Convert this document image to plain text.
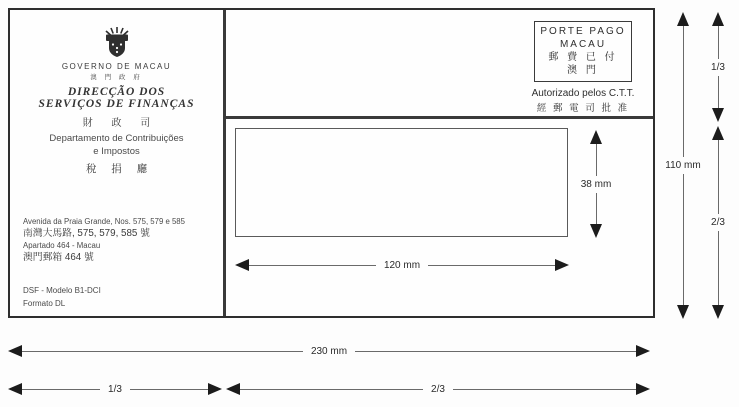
GOVERNO DE MACAU
澳 門 政 府
DIRECÇÃO DOS
SERVIÇOS DE FINANÇAS
財 政 司
Departamento de Contribuições
e Impostos
稅 捐 廳
Avenida da Praia Grande, Nos. 575, 579 e 585
南灣大馬路, 575, 579, 585 號
Apartado 464 - Macau
澳門郵箱 464 號
DSF - Modelo B1-DCI
Formato DL
PORTE PAGO
MACAU
郵 費 已 付
澳 門
Autorizado pelos C.T.T.
經 郵 電 司 批 准
38 mm
120 mm
110 mm
1/3
2/3
230 mm
1/3	2/3
